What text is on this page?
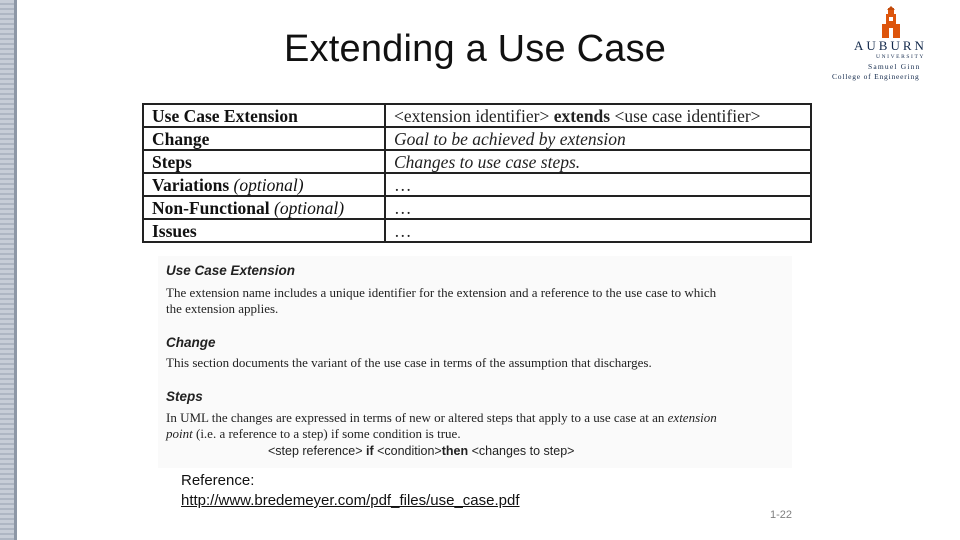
Extending a Use Case	AUBURN
UNIVERSITY
Samuel Ginn
College of Engineering
Use Case Extension	<extension identifier> extends <use case identifier>
Change	Goal to be achieved by extension
Steps	Changes to use case steps.
Variations (optional)	…
Non-Functional (optional)	…
Issues	…
Use Case Extension
The extension name includes a unique identifier for the extension and a reference to the use case to which
the extension applies.
Change
This section documents the variant of the use case in terms of the assumption that discharges.
Steps
In UML the changes are expressed in terms of new or altered steps that apply to a use case at an extension
point (i.e. a reference to a step) if some condition is true.
<step reference> if <condition>then <changes to step>
Reference:
http://www.bredemeyer.com/pdf_files/use_case.pdf
1-22
